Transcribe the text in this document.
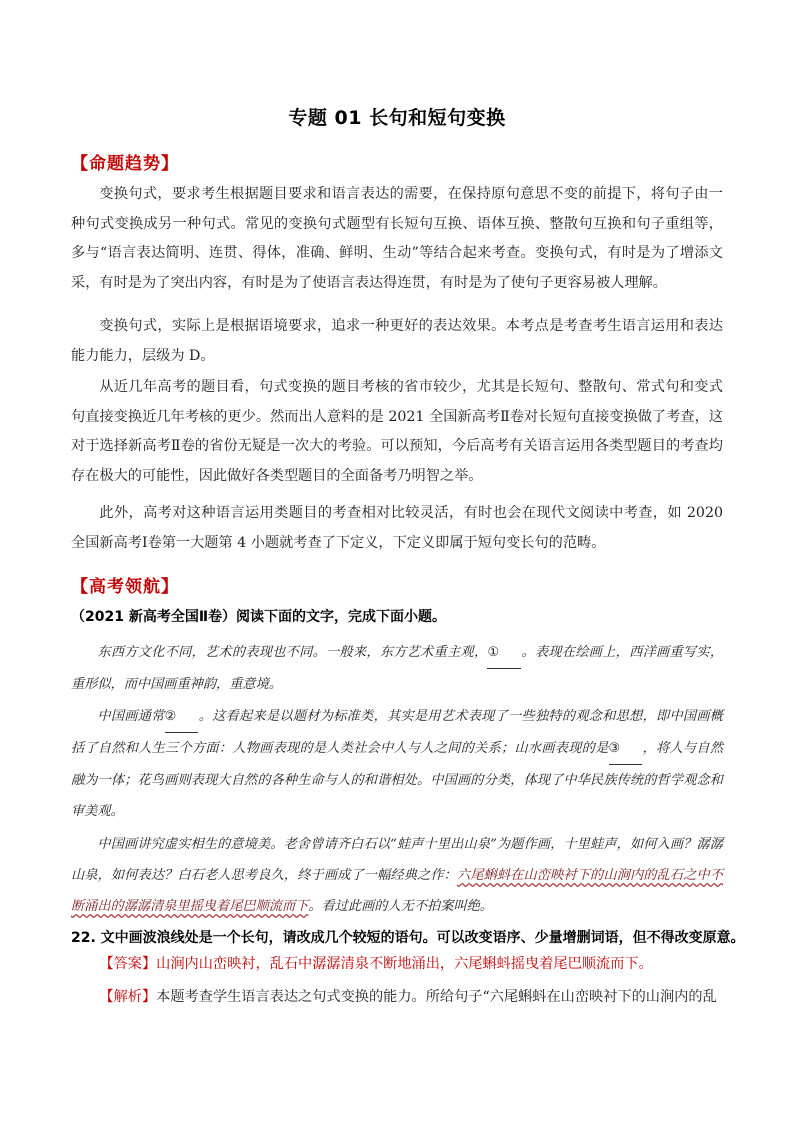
专题 01 长句和短句变换
【命题趋势】

变换句式，要求考生根据题目要求和语言表达的需要，在保持原句意思不变的前提下，将句子由一种句式变换成另一种句式。常见的变换句式题型有长短句互换、语体互换、整散句互换和句子重组等，多与“语言表达简明、连贯、得体，准确、鲜明、生动”等结合起来考查。变换句式，有时是为了增添文采，有时是为了突出内容，有时是为了使语言表达得连贯，有时是为了使句子更容易被人理解。

变换句式，实际上是根据语境要求，追求一种更好的表达效果。本考点是考查考生语言运用和表达能力能力，层级为 D。

从近几年高考的题目看，句式变换的题目考核的省市较少，尤其是长短句、整散句、常式句和变式句直接变换近几年考核的更少。然而出人意料的是 2021 全国新高考Ⅱ卷对长短句直接变换做了考查，这对于选择新高考Ⅱ卷的省份无疑是一次大的考验。可以预知，今后高考有关语言运用各类型题目的考查均存在极大的可能性，因此做好各类型题目的全面备考乃明智之举。

此外，高考对这种语言运用类题目的考查相对比较灵活，有时也会在现代文阅读中考查，如 2020 全国新高考Ⅰ卷第一大题第 4 小题就考查了下定义，下定义即属于短句变长句的范畴。

【高考领航】
（2021 新高考全国Ⅱ卷）阅读下面的文字，完成下面小题。

东西方文化不同，艺术的表现也不同。一般来，东方艺术重主观，① 。表现在绘画上，西洋画重写实，重形似，而中国画重神韵，重意境。

中国画通常② 。这看起来是以题材为标准类，其实是用艺术表现了一些独特的观念和思想，即中国画概括了自然和人生三个方面：人物画表现的是人类社会中人与人之间的关系；山水画表现的是③ ，将人与自然融为一体；花鸟画则表现大自然的各种生命与人的和谐相处。中国画的分类，体现了中华民族传统的哲学观念和审美观。

中国画讲究虚实相生的意境美。老舍曾请齐白石以“蛙声十里出山泉”为题作画，十里蛙声，如何入画？潺潺山泉，如何表达？白石老人思考良久，终于画成了一幅经典之作：六尾蝌蚪在山峦映衬下的山涧内的乱石之中不断涌出的潺潺清泉里摇曳着尾巴顺流而下。看过此画的人无不拍案叫绝。

22. 文中画波浪线处是一个长句，请改成几个较短的语句。可以改变语序、少量增删词语，但不得改变原意。

【答案】山涧内山峦映衬，乱石中潺潺清泉不断地涌出，六尾蝌蚪摇曳着尾巴顺流而下。

【解析】本题考查学生语言表达之句式变换的能力。所给句子“六尾蝌蚪在山峦映衬下的山涧内的乱
